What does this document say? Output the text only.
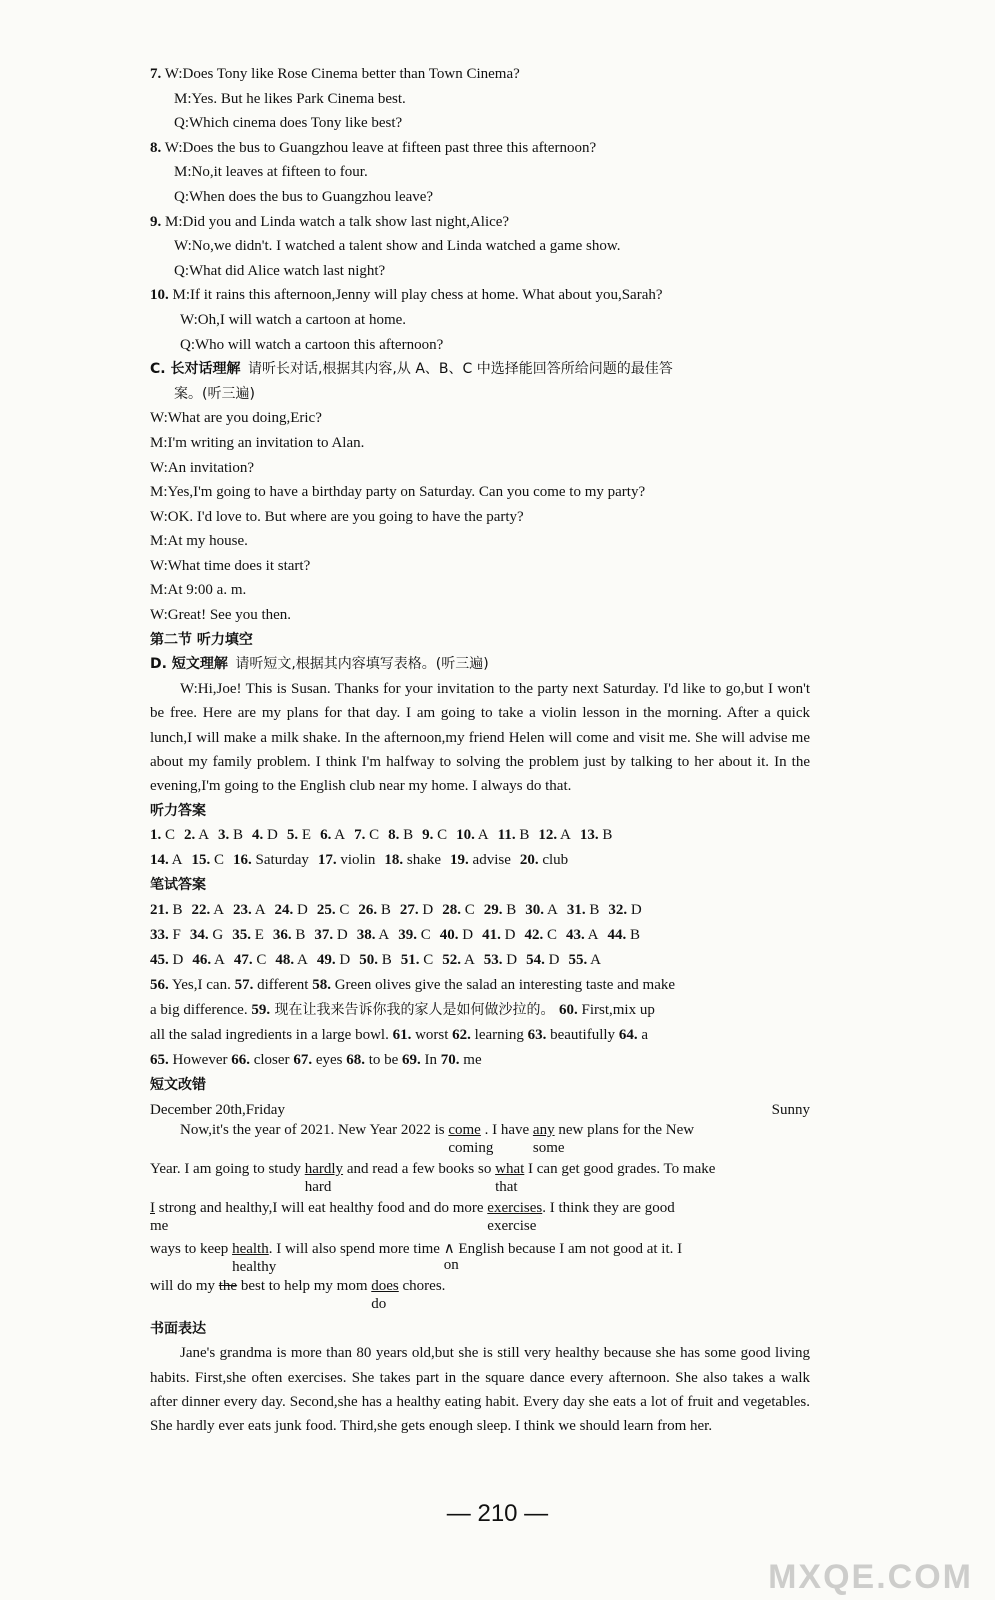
7. W:Does Tony like Rose Cinema better than Town Cinema?
M:Yes. But he likes Park Cinema best.
Q:Which cinema does Tony like best?
8. W:Does the bus to Guangzhou leave at fifteen past three this afternoon?
M:No,it leaves at fifteen to four.
Q:When does the bus to Guangzhou leave?
9. M:Did you and Linda watch a talk show last night,Alice?
W:No,we didn't. I watched a talent show and Linda watched a game show.
Q:What did Alice watch last night?
10. M:If it rains this afternoon,Jenny will play chess at home. What about you,Sarah?
W:Oh,I will watch a cartoon at home.
Q:Who will watch a cartoon this afternoon?
C. 长对话理解 请听长对话,根据其内容,从 A、B、C 中选择能回答所给问题的最佳答
案。(听三遍)
W:What are you doing,Eric?
M:I'm writing an invitation to Alan.
W:An invitation?
M:Yes,I'm going to have a birthday party on Saturday. Can you come to my party?
W:OK. I'd love to. But where are you going to have the party?
M:At my house.
W:What time does it start?
M:At 9:00 a. m.
W:Great! See you then.
第二节 听力填空
D. 短文理解 请听短文,根据其内容填写表格。(听三遍)

W:Hi,Joe! This is Susan. Thanks for your invitation to the party next Saturday. I'd like to go,but I won't be free. Here are my plans for that day. I am going to take a violin lesson in the morning. After a quick lunch,I will make a milk shake. In the afternoon,my friend Helen will come and visit me. She will advise me about my family problem. I think I'm halfway to solving the problem just by talking to her about it. In the evening,I'm going to the English club near my home. I always do that.

听力答案
1. C 2. A 3. B 4. D 5. E 6. A 7. C 8. B 9. C 10. A 11. B 12. A 13. B
14. A 15. C 16. Saturday 17. violin 18. shake 19. advise 20. club
笔试答案
21. B 22. A 23. A 24. D 25. C 26. B 27. D 28. C 29. B 30. A 31. B 32. D
33. F 34. G 35. E 36. B 37. D 38. A 39. C 40. D 41. D 42. C 43. A 44. B
45. D 46. A 47. C 48. A 49. D 50. B 51. C 52. A 53. D 54. D 55. A
56. Yes,I can. 57. different 58. Green olives give the salad an interesting taste and make
a big difference. 59. 现在让我来告诉你我的家人是如何做沙拉的。 60. First,mix up
all the salad ingredients in a large bowl. 61. worst 62. learning 63. beautifully 64. a
65. However 66. closer 67. eyes 68. to be 69. In 70. me
短文改错
December 20th,Friday	Sunny
Now,it's the year of 2021. New Year 2022 is come
coming
. I have any
some
new plans for the New
Year. I am going to study hardly
hard
and read a few books so what
that
I can get good grades. To make
I
me
strong and healthy,I will eat healthy food and do more exercises
exercise
. I think they are good
ways to keep health
healthy
. I will also spend more time ∧
on
English because I am not good at it. I
will do my the best to help my mom does
do
chores.
书面表达

Jane's grandma is more than 80 years old,but she is still very healthy because she has some good living habits. First,she often exercises. She takes part in the square dance every afternoon. She also takes a walk after dinner every day. Second,she has a healthy eating habit. Every day she eats a lot of fruit and vegetables. She hardly ever eats junk food. Third,she gets enough sleep. I think we should learn from her.

— 210 —
MXQE.COM
